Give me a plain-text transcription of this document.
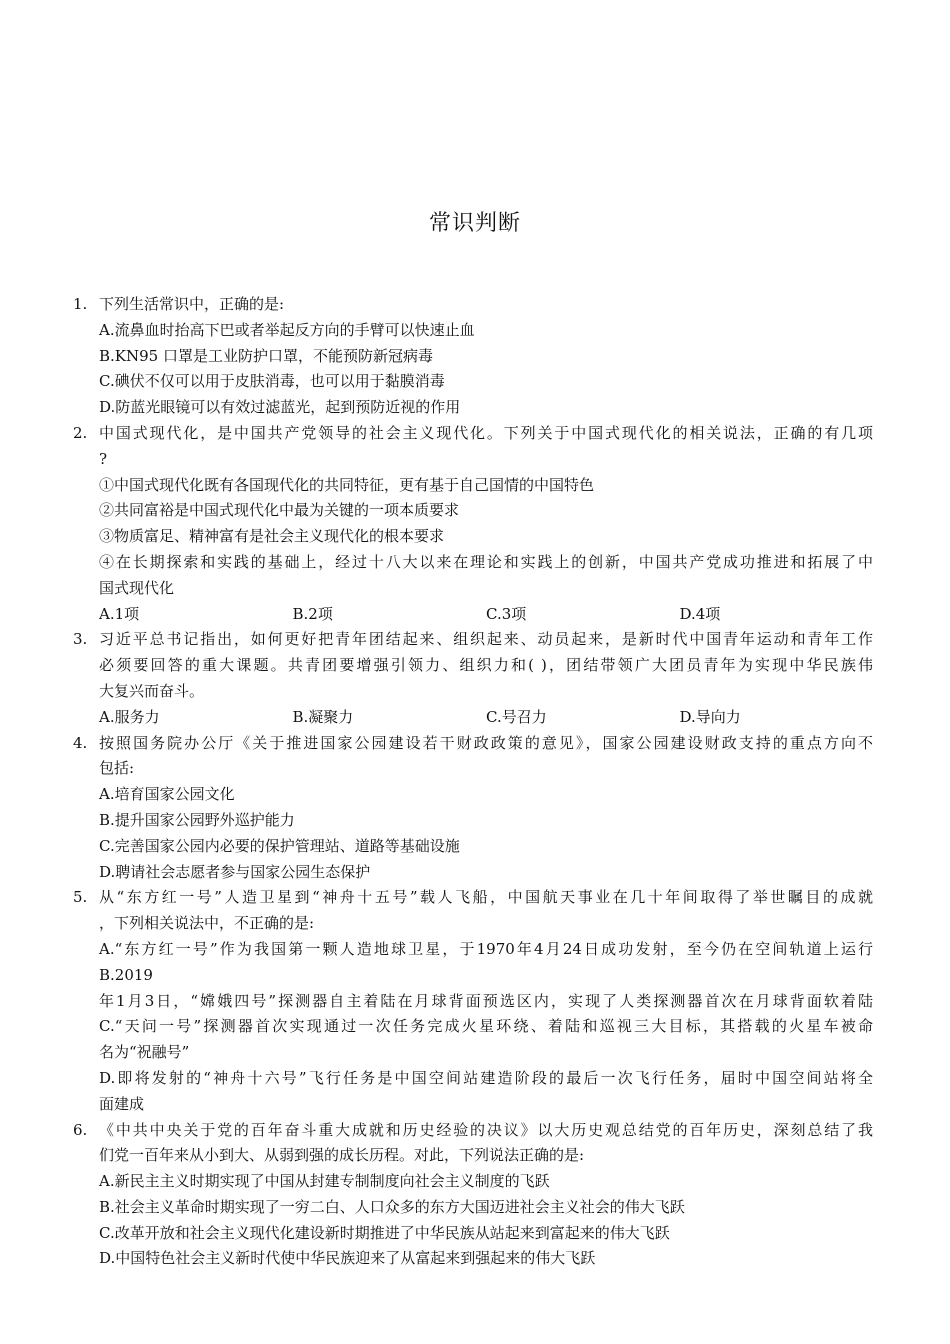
常识判断
1. 下列生活常识中，正确的是:
A.流鼻血时抬高下巴或者举起反方向的手臂可以快速止血
B.KN95 口罩是工业防护口罩，不能预防新冠病毒
C.碘伏不仅可以用于皮肤消毒，也可以用于黏膜消毒
D.防蓝光眼镜可以有效过滤蓝光，起到预防近视的作用
2. 中国式现代化，是中国共产党领导的社会主义现代化。下列关于中国式现代化的相关说法，正确的有几项
?
①中国式现代化既有各国现代化的共同特征，更有基于自己国情的中国特色
②共同富裕是中国式现代化中最为关键的一项本质要求
③物质富足、精神富有是社会主义现代化的根本要求
④在长期探索和实践的基础上，经过十八大以来在理论和实践上的创新，中国共产党成功推进和拓展了中
国式现代化
A.1项	B.2项	C.3项	D.4项
3. 习近平总书记指出，如何更好把青年团结起来、组织起来、动员起来，是新时代中国青年运动和青年工作
必须要回答的重大课题。共青团要增强引领力、组织力和( )，团结带领广大团员青年为实现中华民族伟
大复兴而奋斗。
A.服务力	B.凝聚力	C.号召力	D.导向力
4. 按照国务院办公厅《关于推进国家公园建设若干财政政策的意见》，国家公园建设财政支持的重点方向不
包括:
A.培育国家公园文化
B.提升国家公园野外巡护能力
C.完善国家公园内必要的保护管理站、道路等基础设施
D.聘请社会志愿者参与国家公园生态保护
5. 从“东方红一号”人造卫星到“神舟十五号”载人飞船，中国航天事业在几十年间取得了举世瞩目的成就
，下列相关说法中，不正确的是:
A.“东方红一号”作为我国第一颗人造地球卫星，于1970年4月24日成功发射，至今仍在空间轨道上运行
B.2019
年1月3日，“嫦娥四号”探测器自主着陆在月球背面预选区内，实现了人类探测器首次在月球背面软着陆
C.“天问一号”探测器首次实现通过一次任务完成火星环绕、着陆和巡视三大目标，其搭载的火星车被命
名为“祝融号”
D.即将发射的“神舟十六号”飞行任务是中国空间站建造阶段的最后一次飞行任务，届时中国空间站将全
面建成
6. 《中共中央关于党的百年奋斗重大成就和历史经验的决议》以大历史观总结党的百年历史，深刻总结了我
们党一百年来从小到大、从弱到强的成长历程。对此，下列说法正确的是:
A.新民主主义时期实现了中国从封建专制制度向社会主义制度的飞跃
B.社会主义革命时期实现了一穷二白、人口众多的东方大国迈进社会主义社会的伟大飞跃
C.改革开放和社会主义现代化建设新时期推进了中华民族从站起来到富起来的伟大飞跃
D.中国特色社会主义新时代使中华民族迎来了从富起来到强起来的伟大飞跃
